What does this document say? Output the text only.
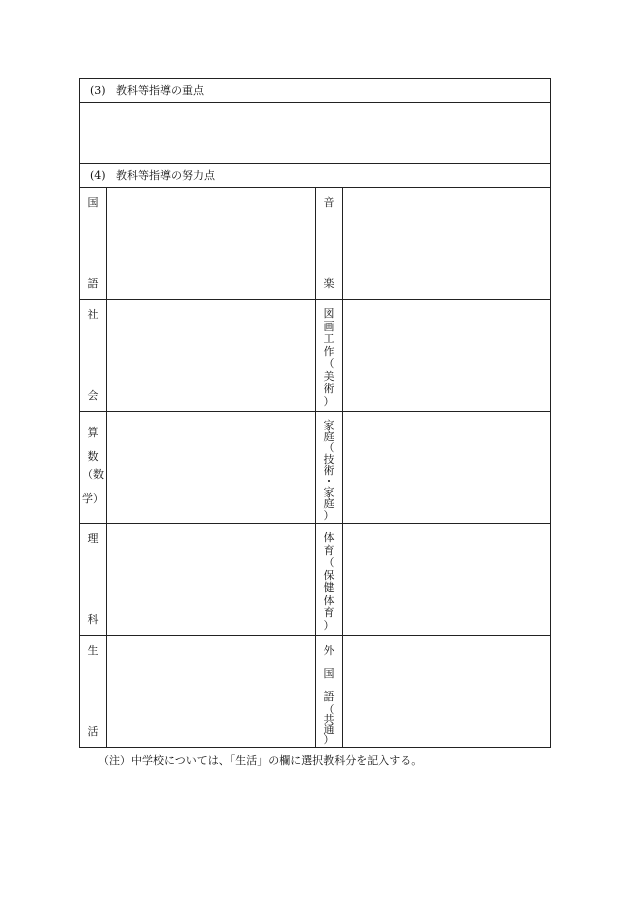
(3) 教科等指導の重点
(4) 教科等指導の努力点
国
語
音
楽
社
会
図
画
工
作
（
美
術
）
算
数
（数
学）
家
庭
（
技
術
・
家
庭
）
理
科
体
育
（
保
健
体
育
）
生
活
外
国
語
（
共
通
）
（注）中学校については、「生活」の欄に選択教科分を記入する。
